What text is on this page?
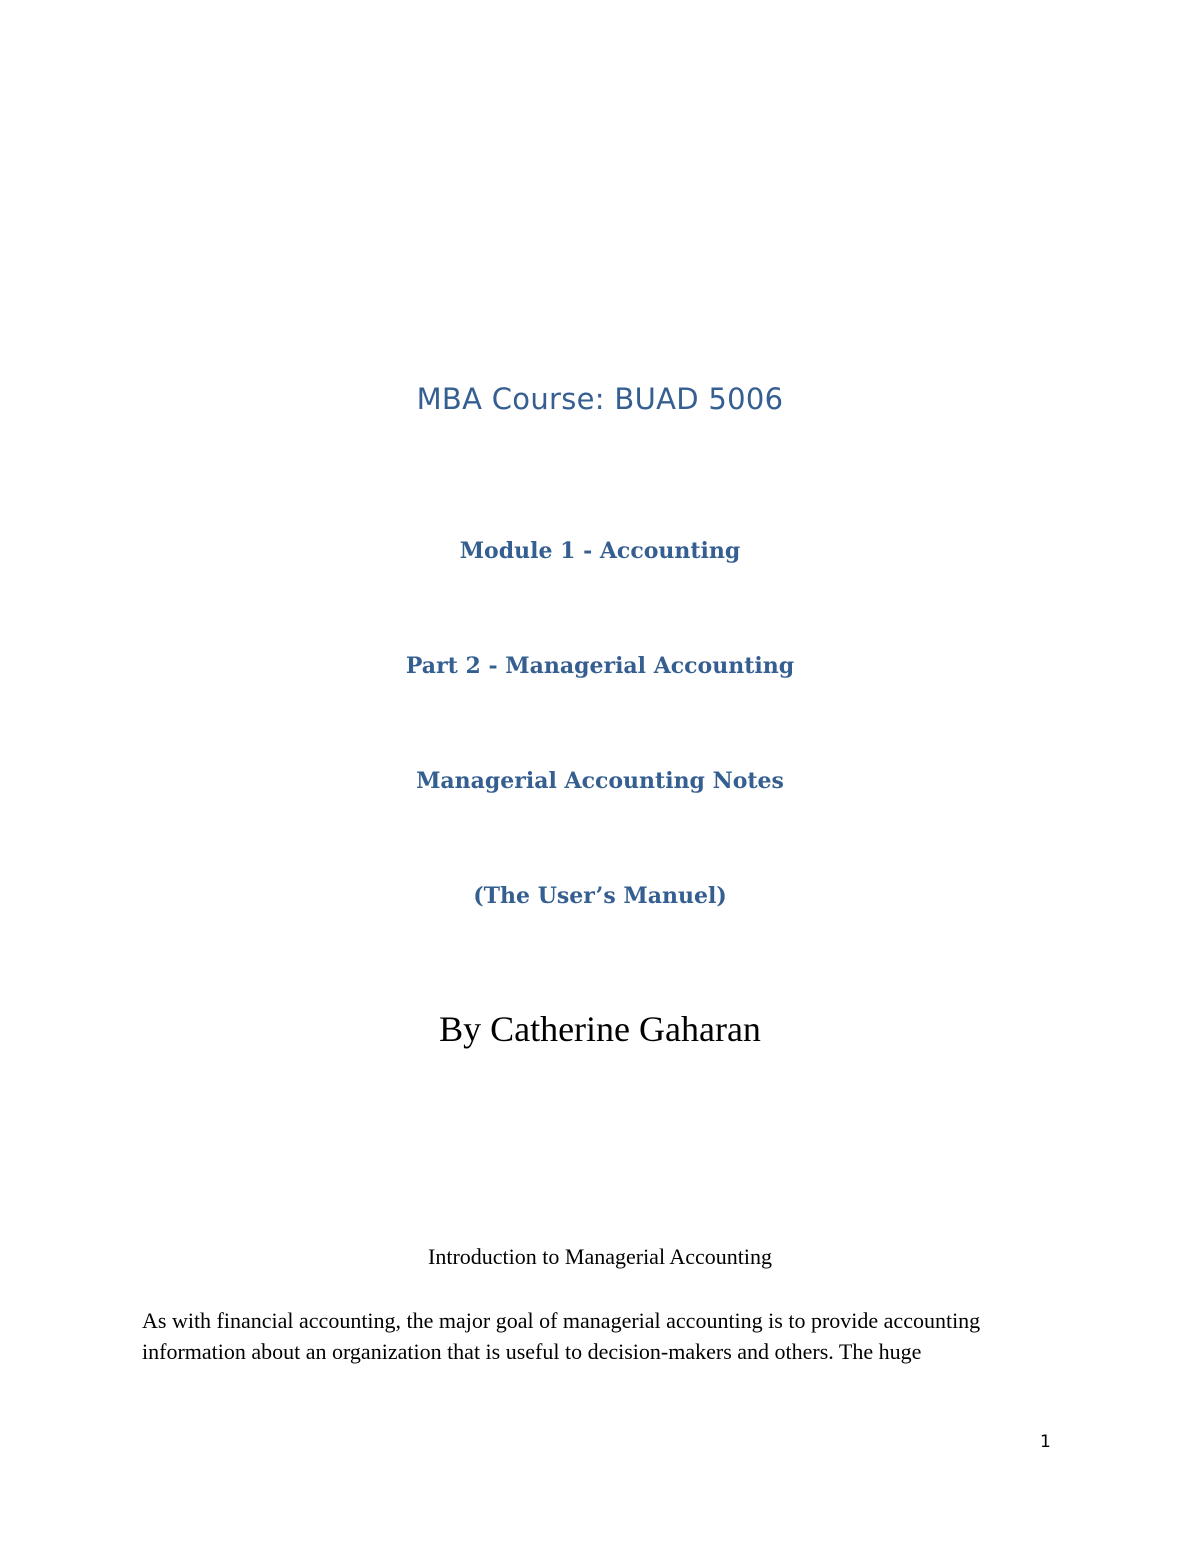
MBA Course: BUAD 5006
Module 1 - Accounting
Part 2 - Managerial Accounting
Managerial Accounting Notes
(The User’s Manuel)
By Catherine Gaharan
Introduction to Managerial Accounting
As with financial accounting, the major goal of managerial accounting is to provide accounting
information about an organization that is useful to decision-makers and others. The huge
1
